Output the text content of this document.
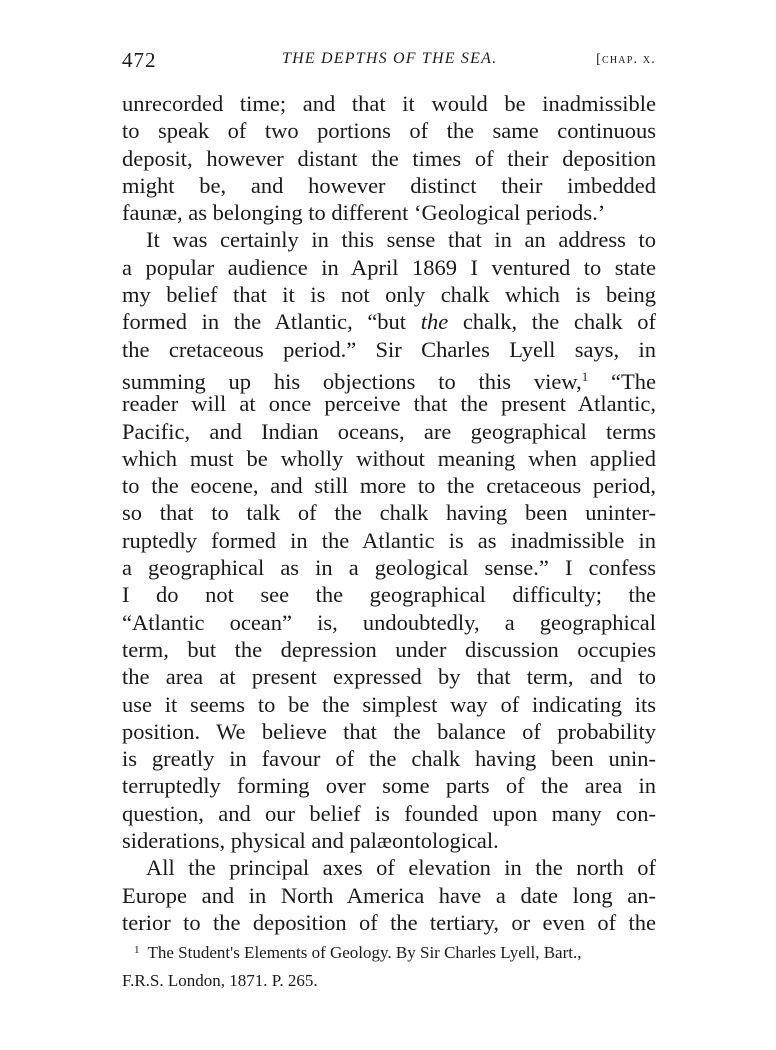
472	THE DEPTHS OF THE SEA.	[chap. x.
unrecorded time; and that it would be inadmissible
to speak of two portions of the same continuous
deposit, however distant the times of their deposition
might be, and however distinct their imbedded
faunæ, as belonging to different ‘Geological periods.’
It was certainly in this sense that in an address to
a popular audience in April 1869 I ventured to state
my belief that it is not only chalk which is being
formed in the Atlantic, “but the chalk, the chalk of
the cretaceous period.” Sir Charles Lyell says, in
summing up his objections to this view,$^1$ “The
reader will at once perceive that the present Atlantic,
Pacific, and Indian oceans, are geographical terms
which must be wholly without meaning when applied
to the eocene, and still more to the cretaceous period,
so that to talk of the chalk having been uninter-
ruptedly formed in the Atlantic is as inadmissible in
a geographical as in a geological sense.” I confess
I do not see the geographical difficulty; the
“Atlantic ocean” is, undoubtedly, a geographical
term, but the depression under discussion occupies
the area at present expressed by that term, and to
use it seems to be the simplest way of indicating its
position. We believe that the balance of probability
is greatly in favour of the chalk having been unin-
terruptedly forming over some parts of the area in
question, and our belief is founded upon many con-
siderations, physical and palæontological.
All the principal axes of elevation in the north of
Europe and in North America have a date long an-
terior to the deposition of the tertiary, or even of the
$^1$ The Student's Elements of Geology. By Sir Charles Lyell, Bart.,
F.R.S. London, 1871. P. 265.
